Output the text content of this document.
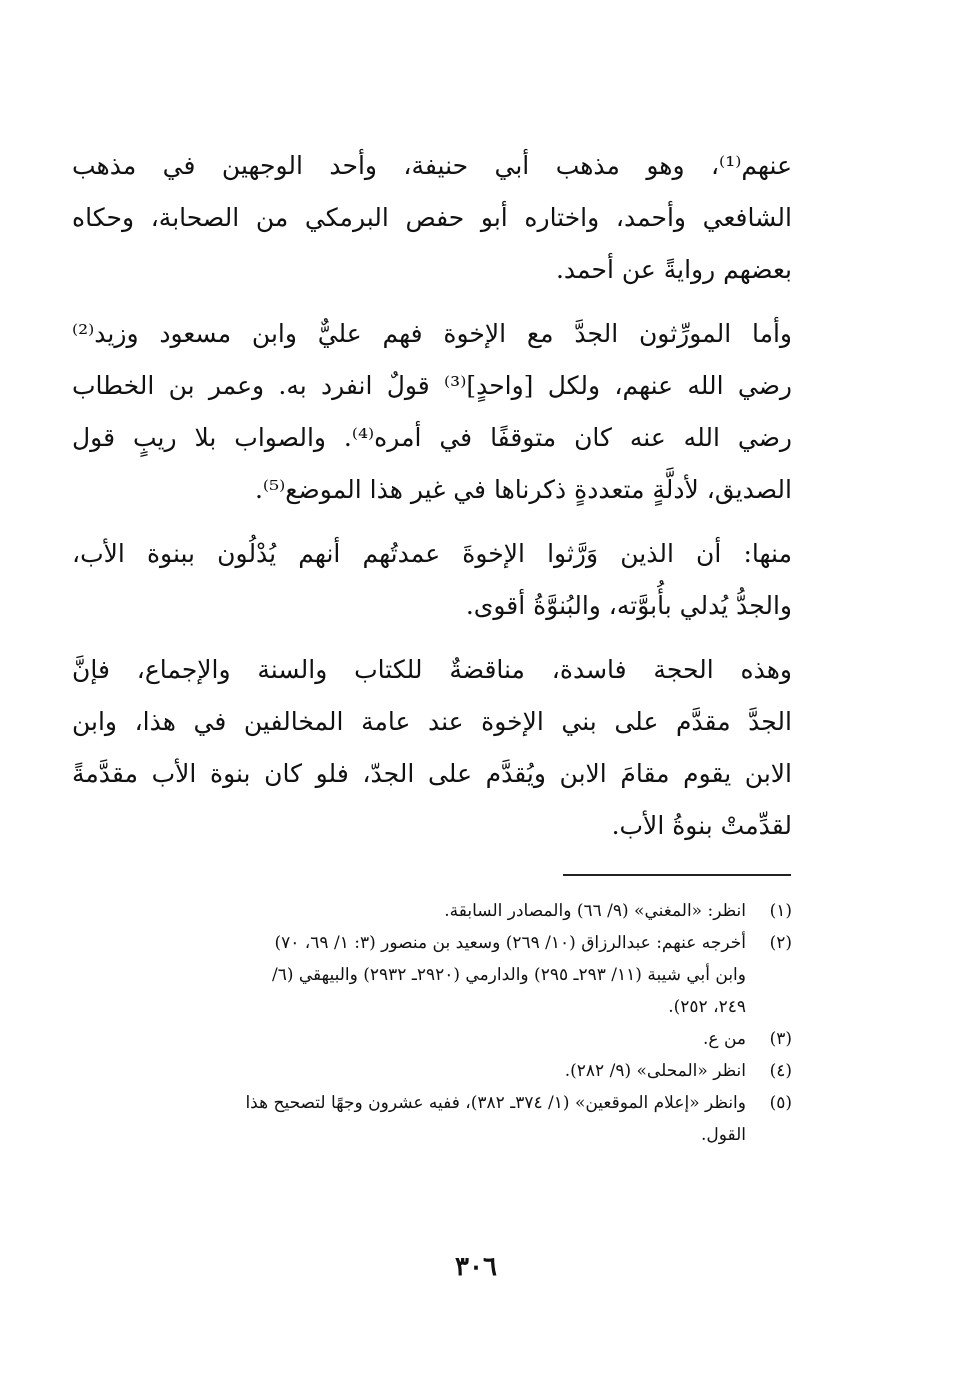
عنهم⁽¹⁾، وهو مذهب أبي حنيفة، وأحد الوجهين في مذهب
الشافعي وأحمد، واختاره أبو حفص البرمكي من الصحابة، وحكاه
بعضهم روايةً عن أحمد.

وأما المورِّثون الجدَّ مع الإخوة فهم عليٌّ وابن مسعود وزيد⁽²⁾
رضي الله عنهم، ولكل [واحدٍ]⁽³⁾ قولٌ انفرد به. وعمر بن الخطاب
رضي الله عنه كان متوقفًا في أمره⁽⁴⁾. والصواب بلا ريبٍ قول
الصديق، لأدلَّةٍ متعددةٍ ذكرناها في غير هذا الموضع⁽⁵⁾.

منها: أن الذين وَرَّثوا الإخوةَ عمدتُهم أنهم يُدْلُون ببنوة الأب،
والجدُّ يُدلي بأُبوَّته، والبُنوَّةُ أقوى.

وهذه الحجة فاسدة، مناقضةٌ للكتاب والسنة والإجماع، فإنَّ
الجدَّ مقدَّم على بني الإخوة عند عامة المخالفين في هذا، وابن
الابن يقوم مقامَ الابن ويُقدَّم على الجدّ، فلو كان بنوة الأب مقدَّمةً
لقدِّمتْ بنوةُ الأب.

(١)
انظر: «المغني» (٩/ ٦٦) والمصادر السابقة.
(٢)
أخرجه عنهم: عبدالرزاق (١٠/ ٢٦٩) وسعيد بن منصور (٣: ١/ ٦٩، ٧٠)
وابن أبي شيبة (١١/ ٢٩٣ـ ٢٩٥) والدارمي (٢٩٢٠ـ ٢٩٣٢) والبيهقي (٦/
٢٤٩، ٢٥٢).
(٣)
من ع.
(٤)
انظر «المحلى» (٩/ ٢٨٢).
(٥)
وانظر «إعلام الموقعين» (١/ ٣٧٤ـ ٣٨٢)، ففيه عشرون وجهًا لتصحيح هذا
القول.
٣٠٦
